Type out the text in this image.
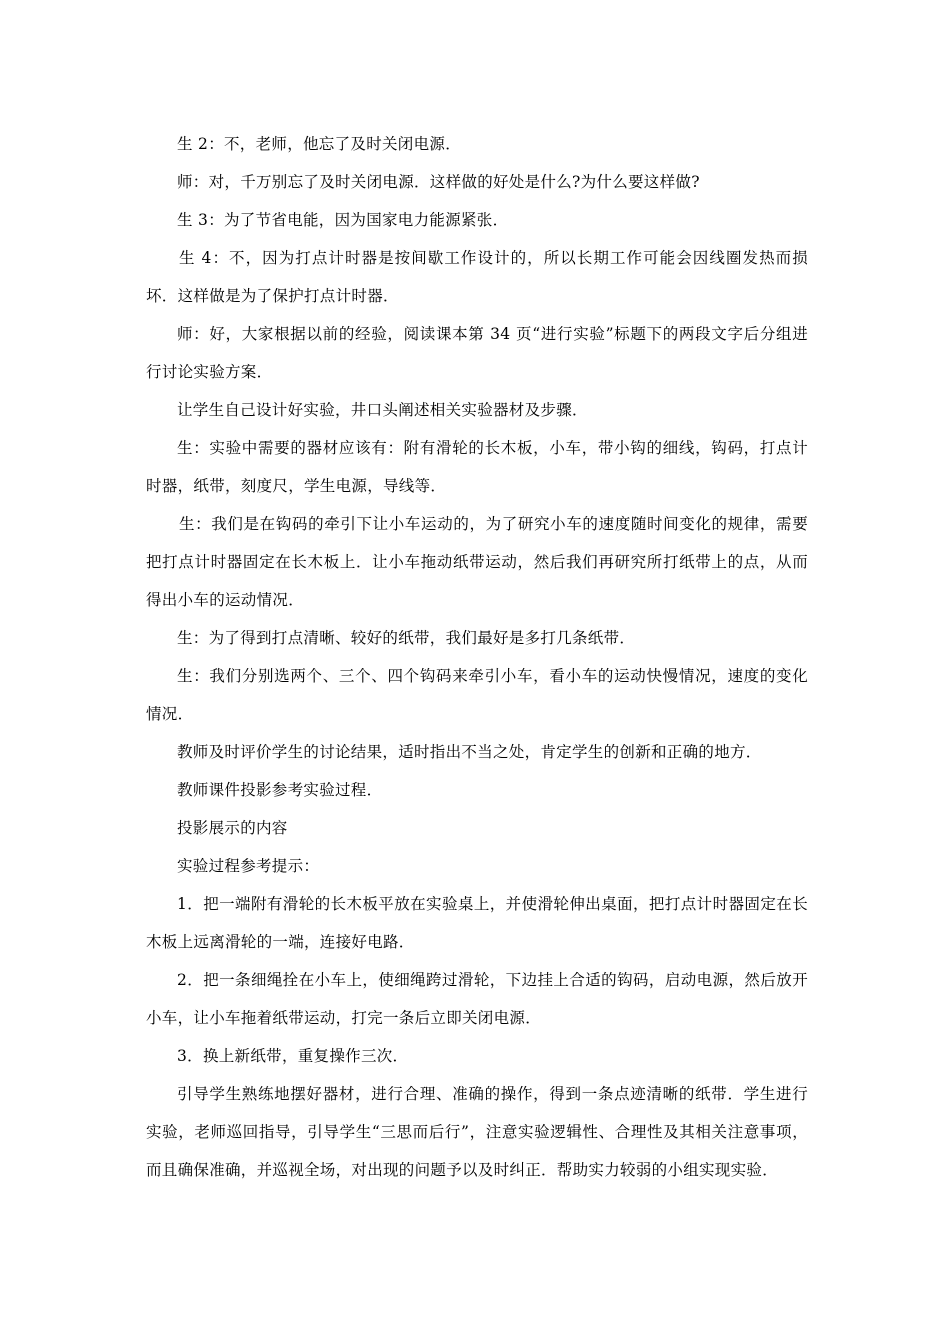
生 2：不，老师，他忘了及时关闭电源．

师：对，千万别忘了及时关闭电源．这样做的好处是什么?为什么要这样做?

生 3：为了节省电能，因为国家电力能源紧张．

生 4：不，因为打点计时器是按间歇工作设计的，所以长期工作可能会因线圈发热而损坏．这样做是为了保护打点计时器．

师：好，大家根据以前的经验，阅读课本第 34 页“进行实验”标题下的两段文字后分组进行讨论实验方案．

让学生自己设计好实验，井口头阐述相关实验器材及步骤．

生：实验中需要的器材应该有：附有滑轮的长木板，小车，带小钩的细线，钩码，打点计时器，纸带，刻度尺，学生电源，导线等．

生：我们是在钩码的牵引下让小车运动的，为了研究小车的速度随时间变化的规律，需要把打点计时器固定在长木板上．让小车拖动纸带运动，然后我们再研究所打纸带上的点，从而得出小车的运动情况．

生：为了得到打点清晰、较好的纸带，我们最好是多打几条纸带．

生：我们分别选两个、三个、四个钩码来牵引小车，看小车的运动快慢情况，速度的变化情况．

教师及时评价学生的讨论结果，适时指出不当之处，肯定学生的创新和正确的地方．

教师课件投影参考实验过程．

投影展示的内容

实验过程参考提示：

1．把一端附有滑轮的长木板平放在实验桌上，并使滑轮伸出桌面，把打点计时器固定在长木板上远离滑轮的一端，连接好电路．

2．把一条细绳拴在小车上，使细绳跨过滑轮，下边挂上合适的钩码，启动电源，然后放开小车，让小车拖着纸带运动，打完一条后立即关闭电源．

3．换上新纸带，重复操作三次．

引导学生熟练地摆好器材，进行合理、准确的操作，得到一条点迹清晰的纸带．学生进行实验，老师巡回指导，引导学生“三思而后行”，注意实验逻辑性、合理性及其相关注意事项，而且确保准确，并巡视全场，对出现的问题予以及时纠正．帮助实力较弱的小组实现实验．
